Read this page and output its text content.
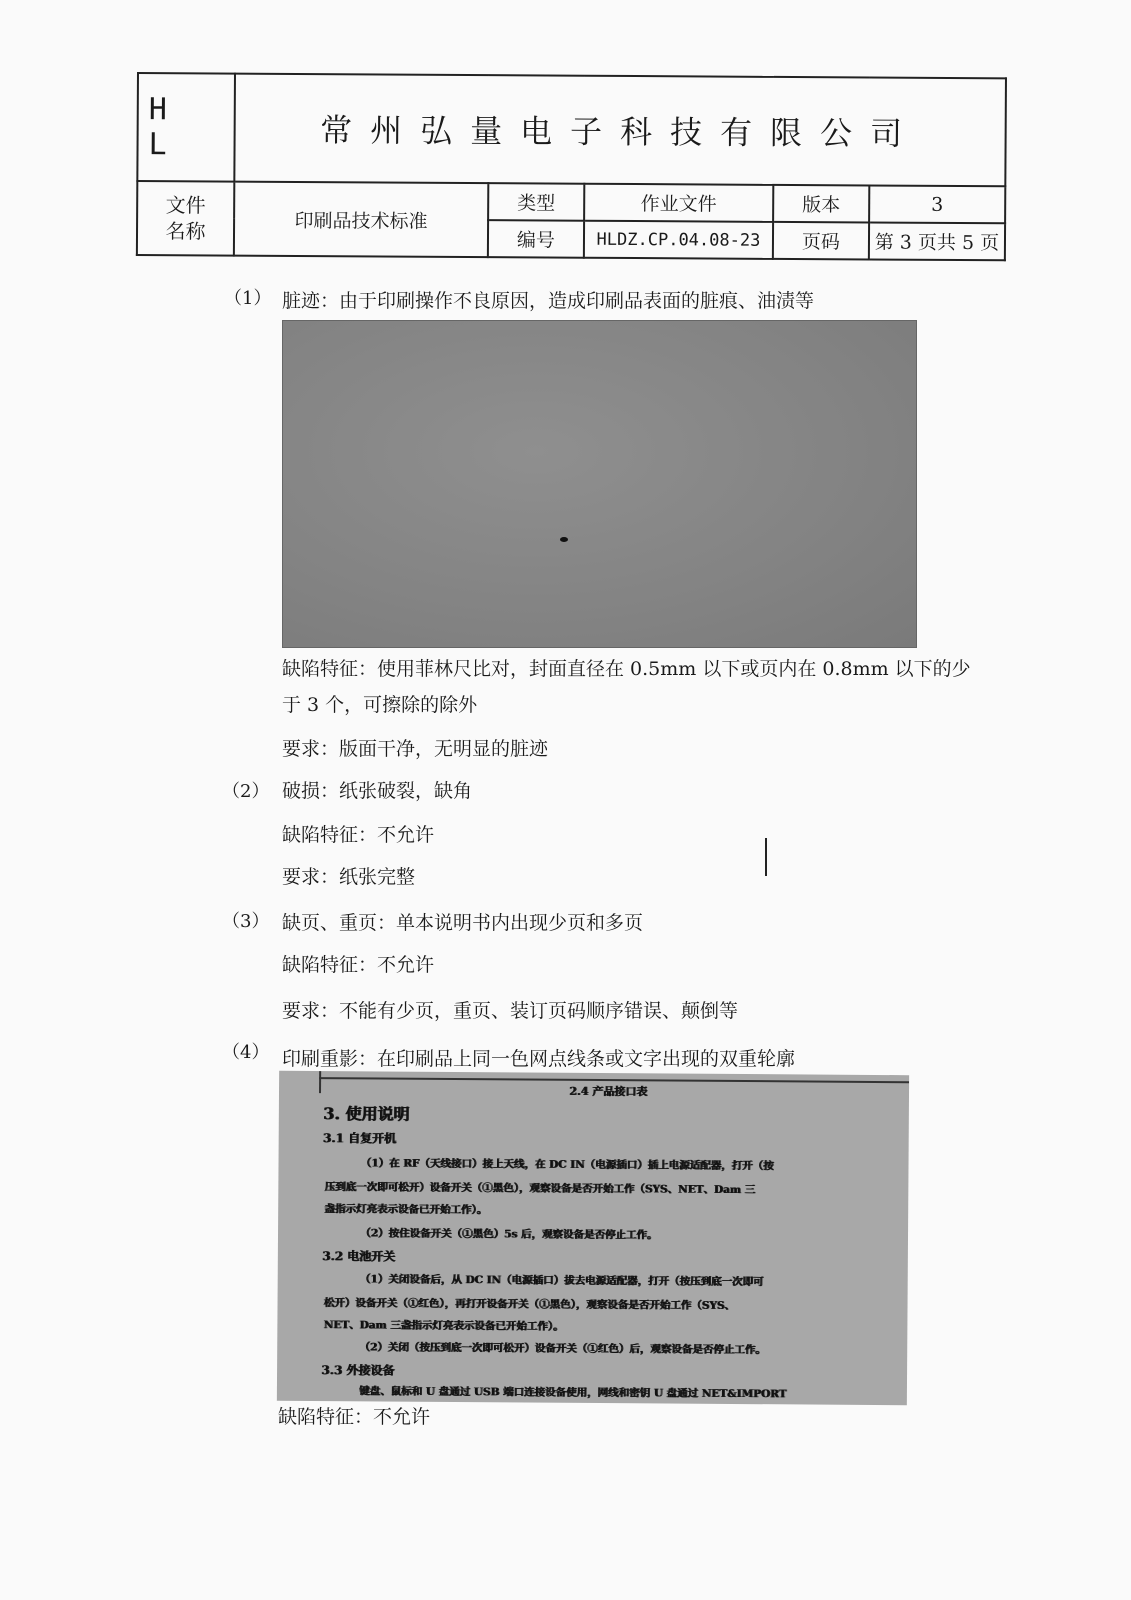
H L	常州弘量电子科技有限公司				

文件
名称	印刷品技术标准	类型	作业文件	版本	3
		编号	HLDZ.CP.04.08-23	页码	第 3 页共 5 页
（1） 脏迹：由于印刷操作不良原因，造成印刷品表面的脏痕、油渍等
缺陷特征：使用菲林尺比对，封面直径在 0.5mm 以下或页内在 0.8mm 以下的少
于 3 个，可擦除的除外
要求：版面干净，无明显的脏迹
（2） 破损：纸张破裂，缺角
缺陷特征：不允许
要求：纸张完整
（3） 缺页、重页：单本说明书内出现少页和多页
缺陷特征：不允许
要求：不能有少页，重页、装订页码顺序错误、颠倒等
（4） 印刷重影：在印刷品上同一色网点线条或文字出现的双重轮廓
2.4 产品接口表
3. 使用说明
3.1 自复开机
（1）在 RF（天线接口）接上天线，在 DC IN（电源插口）插上电源适配器，打开（按
压到底一次即可松开）设备开关（①黑色），观察设备是否开始工作（SYS、NET、Dam 三
盏指示灯亮表示设备已开始工作）。
（2）按住设备开关（①黑色）5s 后，观察设备是否停止工作。
3.2 电池开关
（1）关闭设备后，从 DC IN（电源插口）拔去电源适配器，打开（按压到底一次即可
松开）设备开关（①红色），再打开设备开关（①黑色），观察设备是否开始工作（SYS、
NET、Dam 三盏指示灯亮表示设备已开始工作）。
（2）关闭（按压到底一次即可松开）设备开关（①红色）后，观察设备是否停止工作。
3.3 外接设备
键盘、鼠标和 U 盘通过 USB 端口连接设备使用，网线和密钥 U 盘通过 NET&IMPORT
缺陷特征：不允许
